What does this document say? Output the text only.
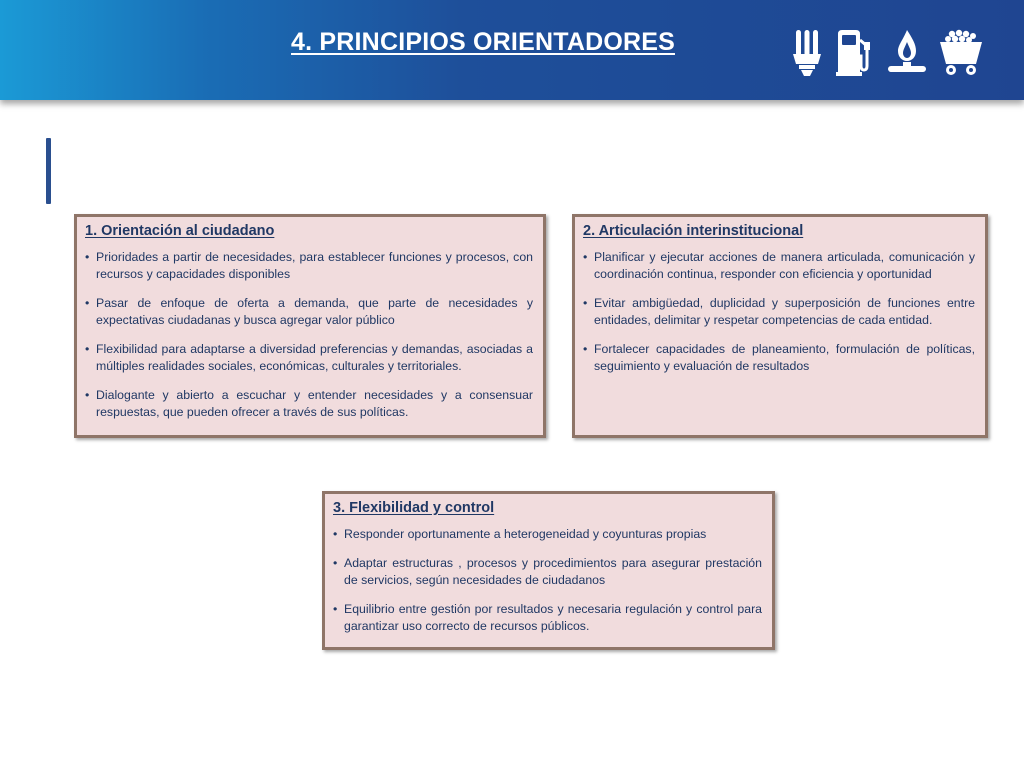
4. PRINCIPIOS ORIENTADORES
1. Orientación al ciudadano
• Prioridades a partir de necesidades, para establecer funciones y procesos, con recursos y capacidades disponibles
• Pasar de enfoque de oferta a demanda, que parte de necesidades y expectativas ciudadanas y busca agregar valor público
• Flexibilidad para adaptarse a diversidad preferencias y demandas, asociadas a múltiples realidades sociales, económicas, culturales y territoriales.
• Dialogante y abierto a escuchar y entender necesidades y a consensuar respuestas, que pueden ofrecer a través de sus políticas.
2. Articulación interinstitucional
• Planificar y ejecutar acciones de manera articulada, comunicación y coordinación continua, responder con eficiencia y oportunidad
• Evitar ambigüedad, duplicidad y superposición de funciones entre entidades, delimitar y respetar competencias de cada entidad.
• Fortalecer capacidades de planeamiento, formulación de políticas, seguimiento y evaluación de resultados
3. Flexibilidad y control
• Responder oportunamente a heterogeneidad y coyunturas propias
• Adaptar estructuras , procesos y procedimientos para asegurar prestación de servicios, según necesidades de ciudadanos
• Equilibrio entre gestión por resultados y necesaria regulación y control para garantizar uso correcto de recursos públicos.
